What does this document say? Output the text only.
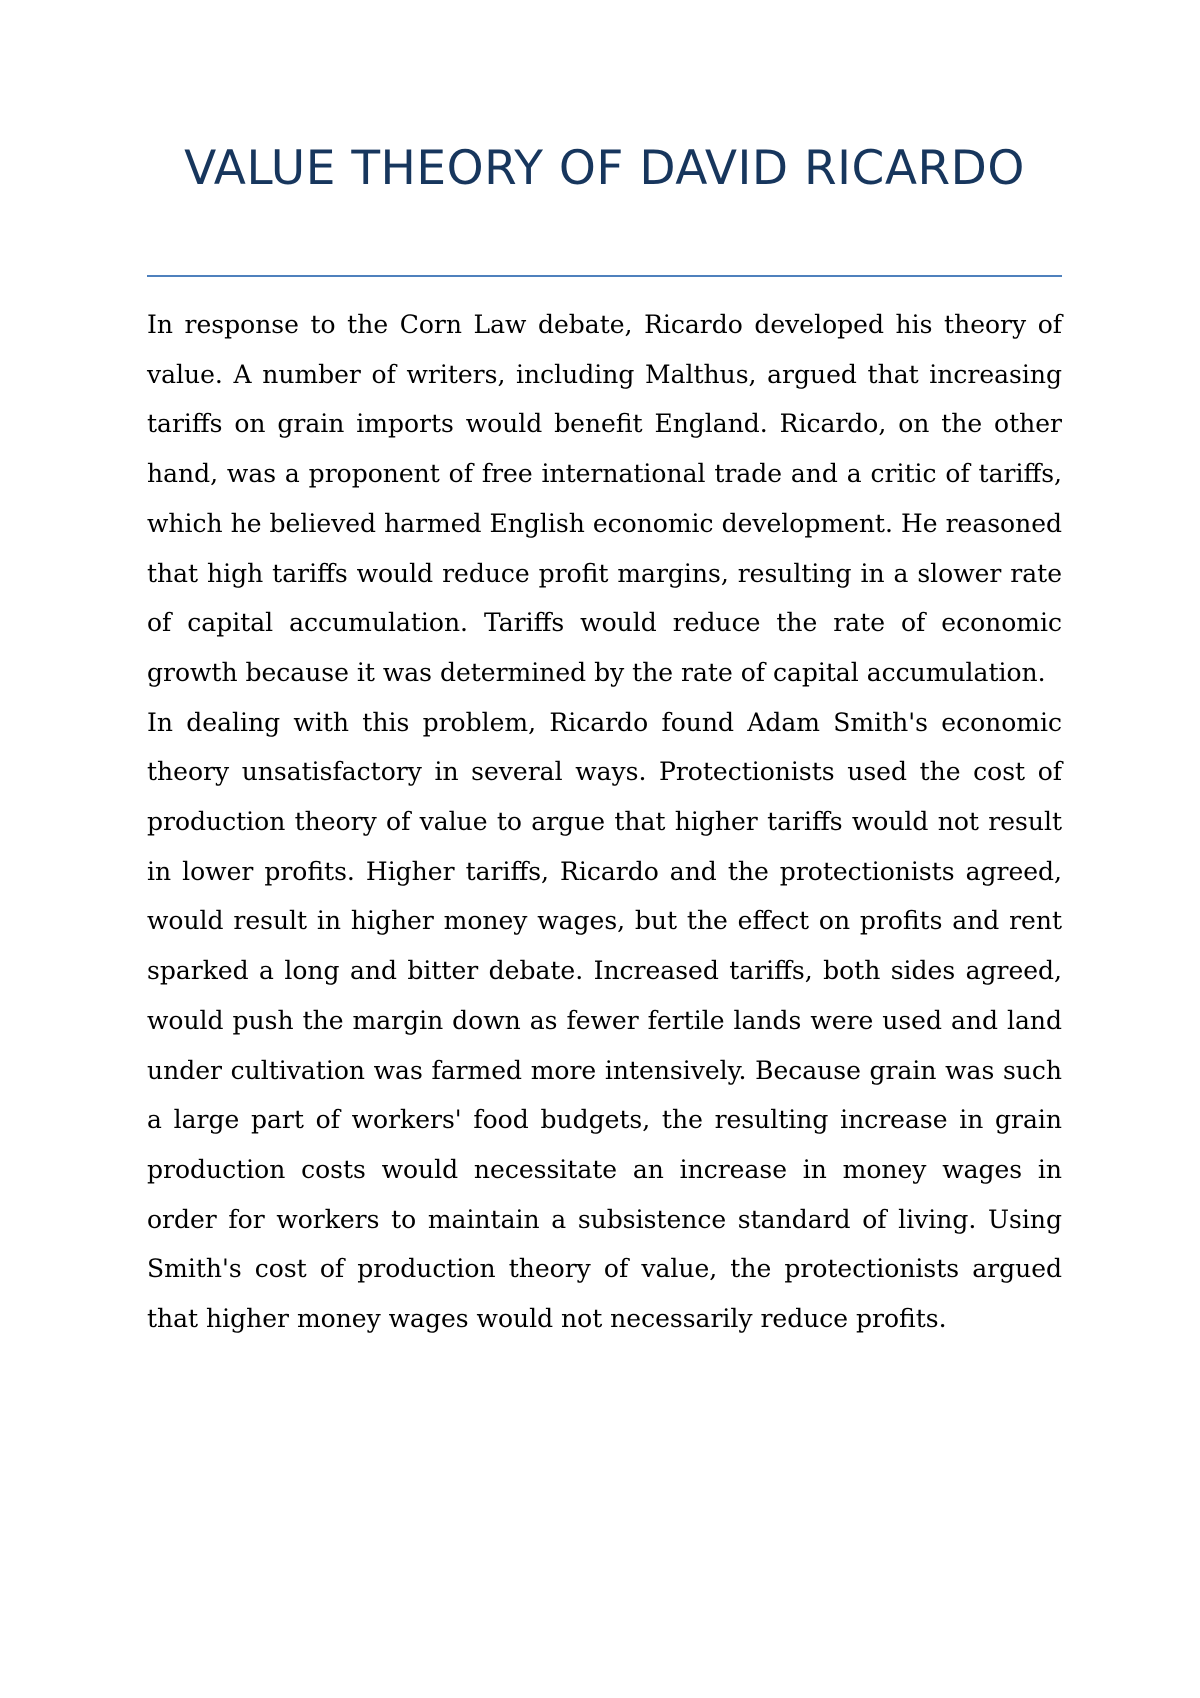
VALUE THEORY OF DAVID RICARDO

In response to the Corn Law debate, Ricardo developed his theory of value. A number of writers, including Malthus, argued that increasing tariffs on grain imports would benefit England. Ricardo, on the other hand, was a proponent of free international trade and a critic of tariffs, which he believed harmed English economic development. He reasoned that high tariffs would reduce profit margins, resulting in a slower rate of capital accumulation. Tariffs would reduce the rate of economic growth because it was determined by the rate of capital accumulation.

In dealing with this problem, Ricardo found Adam Smith's economic theory unsatisfactory in several ways. Protectionists used the cost of production theory of value to argue that higher tariffs would not result in lower profits. Higher tariffs, Ricardo and the protectionists agreed, would result in higher money wages, but the effect on profits and rent sparked a long and bitter debate. Increased tariffs, both sides agreed, would push the margin down as fewer fertile lands were used and land under cultivation was farmed more intensively. Because grain was such a large part of workers' food budgets, the resulting increase in grain production costs would necessitate an increase in money wages in order for workers to maintain a subsistence standard of living. Using Smith's cost of production theory of value, the protectionists argued that higher money wages would not necessarily reduce profits.
